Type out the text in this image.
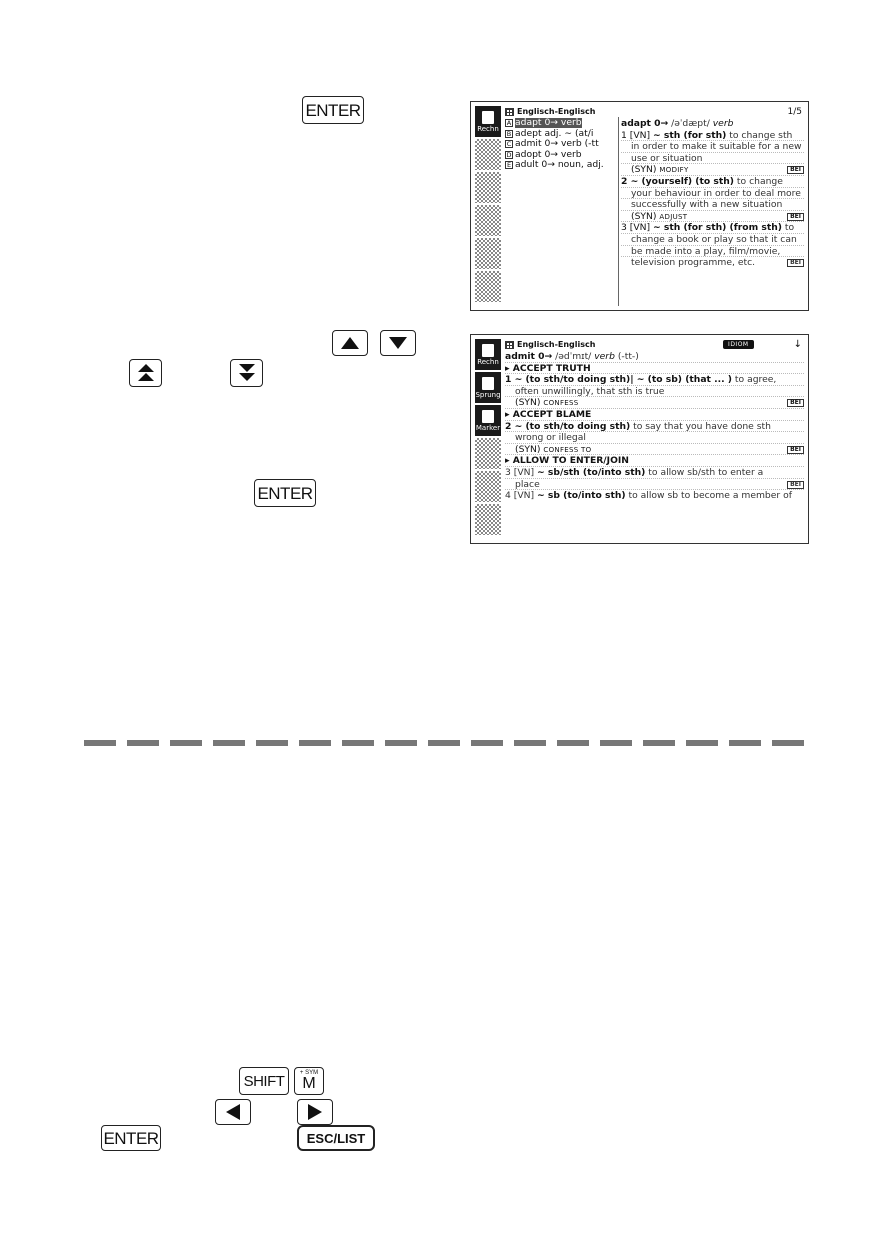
ENTER
Rechn
Englisch-Englisch	1/5
A adapt 0→ verb
B adept adj. ∼ (at/i
C admit 0→ verb (-tt
D adopt 0→ verb
E adult 0→ noun, adj.
adapt 0→ /əˈdæpt/ verb
1 [VN] ∼ sth (for sth) to change sth
in order to make it suitable for a new
use or situation
(SYN) MODIFY	BEI
2 ∼ (yourself) (to sth) to change
your behaviour in order to deal more
successfully with a new situation
(SYN) ADJUST	BEI
3 [VN] ∼ sth (for sth) (from sth) to
change a book or play so that it can
be made into a play, film/movie,
television programme, etc.	BEI
ENTER
Rechn
Sprung
Marker
Englisch-Englisch	IDIOM	↓
admit 0→ /ədˈmɪt/ verb (-tt-)
▸ ACCEPT TRUTH
1 ∼ (to sth/to doing sth)| ∼ (to sb) (that ... ) to agree,
often unwillingly, that sth is true
(SYN) CONFESS	BEI
▸ ACCEPT BLAME
2 ∼ (to sth/to doing sth) to say that you have done sth
wrong or illegal
(SYN) CONFESS TO	BEI
▸ ALLOW TO ENTER/JOIN
3 [VN] ∼ sb/sth (to/into sth) to allow sb/sth to enter a
place	BEI
4 [VN] ∼ sb (to/into sth) to allow sb to become a member of
SHIFT	+ SYM
M
ENTER	ESC/LIST
